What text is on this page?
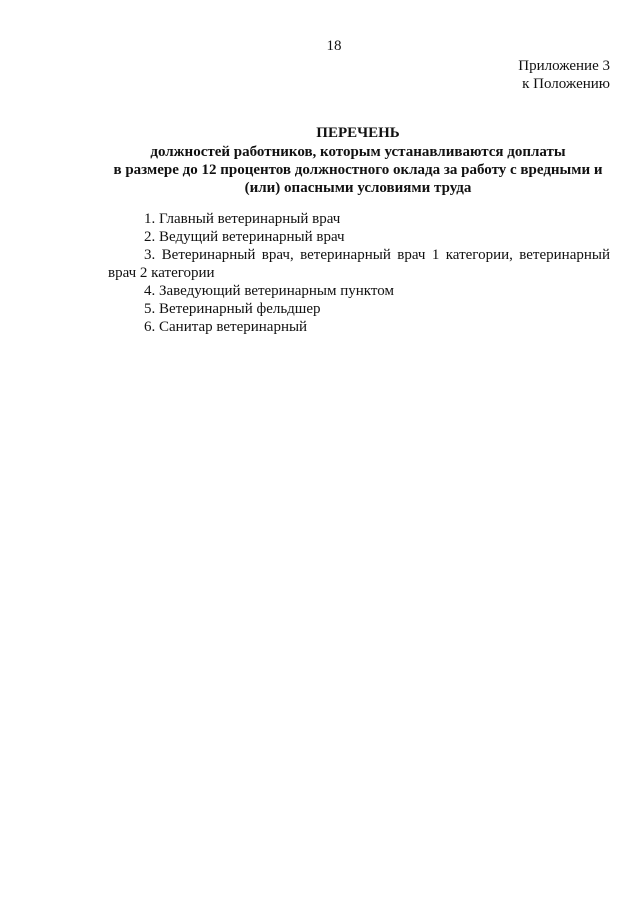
18
Приложение 3
к Положению
ПЕРЕЧЕНЬ
должностей работников, которым устанавливаются доплаты
в размере до 12 процентов должностного оклада за работу с вредными и
(или) опасными условиями труда
1. Главный ветеринарный врач
2. Ведущий ветеринарный врач
3. Ветеринарный врач, ветеринарный врач 1 категории, ветеринарный врач 2 категории
4. Заведующий ветеринарным пунктом
5. Ветеринарный фельдшер
6. Санитар ветеринарный
